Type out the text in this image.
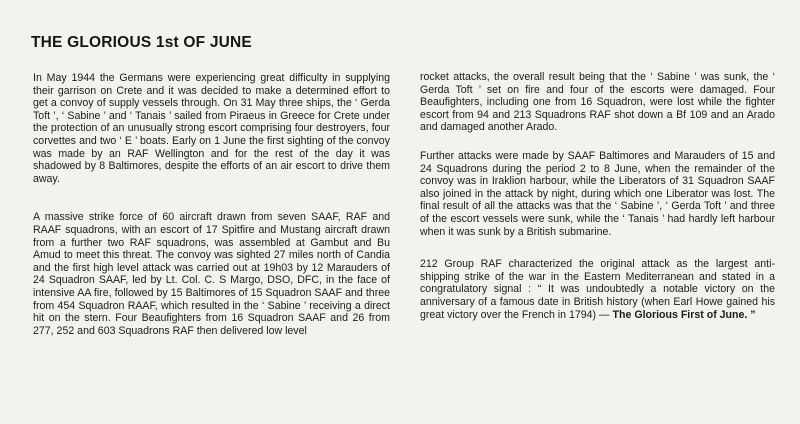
THE GLORIOUS 1st OF JUNE

In May 1944 the Germans were experiencing great difficulty in supplying their garrison on Crete and it was decided to make a determined effort to get a convoy of supply vessels through. On 31 May three ships, the ‘ Gerda Toft ’, ‘ Sabine ’ and ‘ Tanais ’ sailed from Piraeus in Greece for Crete under the protection of an unusually strong escort comprising four destroyers, four corvettes and two ‘ E ’ boats. Early on 1 June the first sighting of the convoy was made by an RAF Wellington and for the rest of the day it was shadowed by 8 Baltimores, despite the efforts of an air escort to drive them away.

A massive strike force of 60 aircraft drawn from seven SAAF, RAF and RAAF squadrons, with an escort of 17 Spitfire and Mustang aircraft drawn from a further two RAF squadrons, was assembled at Gambut and Bu Amud to meet this threat. The convoy was sighted 27 miles north of Candia and the first high level attack was carried out at 19h03 by 12 Marauders of 24 Squadron SAAF, led by Lt. Col. C. S Margo, DSO, DFC, in the face of intensive AA fire, followed by 15 Baltimores of 15 Squadron SAAF and three from 454 Squadron RAAF, which resulted in the ‘ Sabine ’ receiving a direct hit on the stern. Four Beaufighters from 16 Squadron SAAF and 26 from 277, 252 and 603 Squadrons RAF then delivered low level

rocket attacks, the overall result being that the ‘ Sabine ’ was sunk, the ‘ Gerda Toft ’ set on fire and four of the escorts were damaged. Four Beaufighters, including one from 16 Squadron, were lost while the fighter escort from 94 and 213 Squadrons RAF shot down a Bf 109 and an Arado and damaged another Arado.

Further attacks were made by SAAF Baltimores and Marauders of 15 and 24 Squadrons during the period 2 to 8 June, when the remainder of the convoy was in Iraklion harbour, while the Liberators of 31 Squadron SAAF also joined in the attack by night, during which one Liberator was lost. The final result of all the attacks was that the ‘ Sabine ’, ‘ Gerda Toft ’ and three of the escort vessels were sunk, while the ‘ Tanais ’ had hardly left harbour when it was sunk by a British submarine.

212 Group RAF characterized the original attack as the largest anti-shipping strike of the war in the Eastern Mediterranean and stated in a congratulatory signal : “ It was undoubtedly a notable victory on the anniversary of a famous date in British history (when Earl Howe gained his great victory over the French in 1794) — The Glorious First of June. ”
